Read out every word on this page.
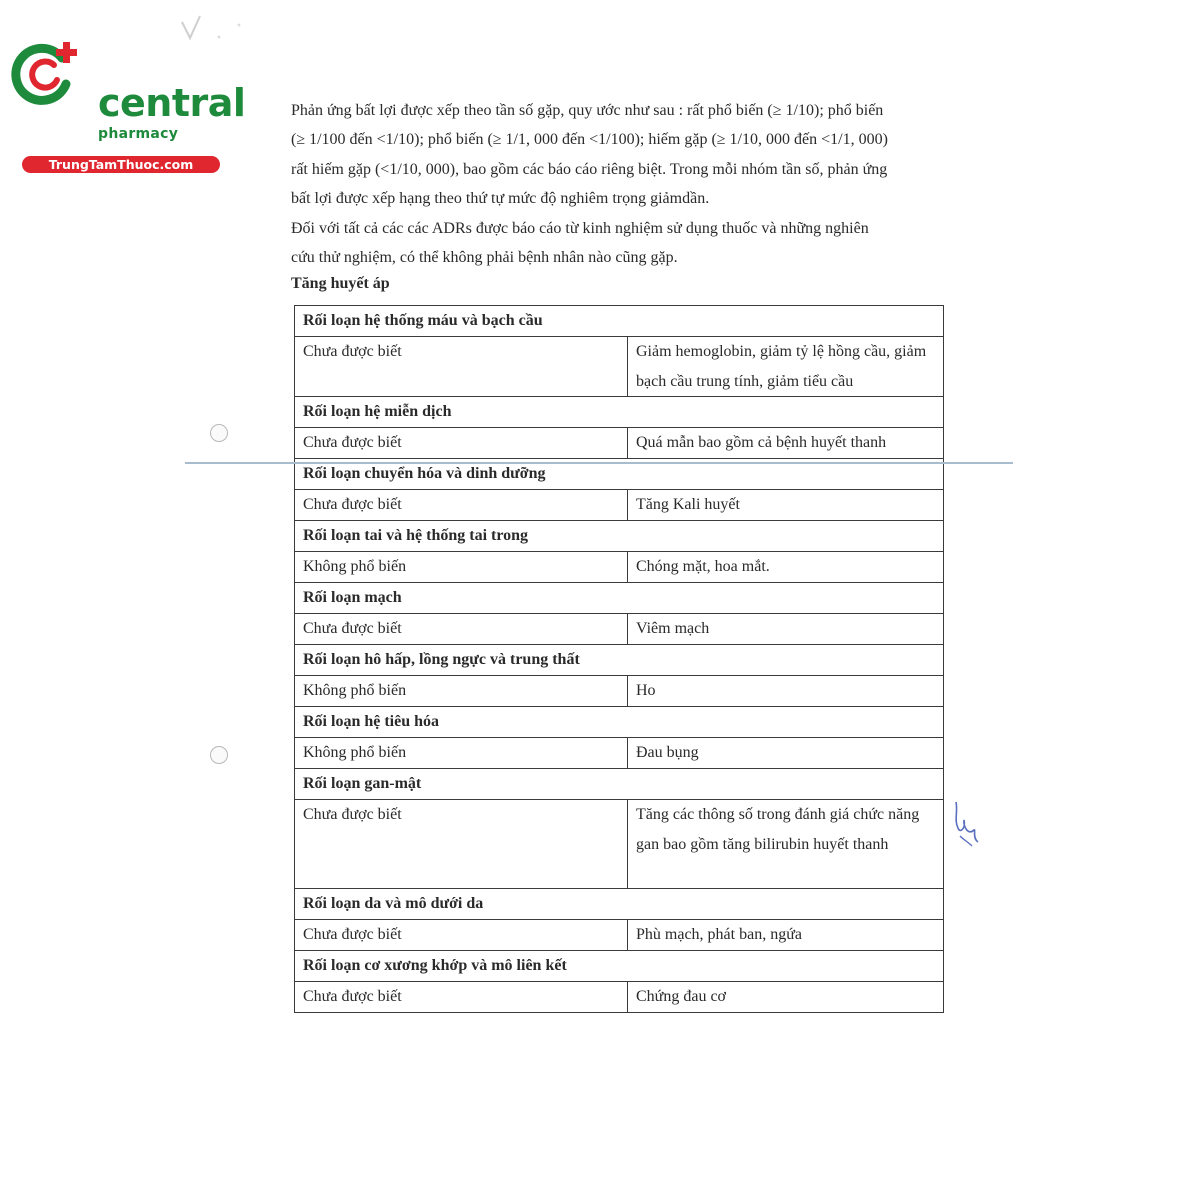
central
pharmacy
TrungTamThuoc.com

Phản ứng bất lợi được xếp theo tần số gặp, quy ước như sau : rất phổ biến (≥ 1/10); phổ biến

(≥ 1/100 đến <1/10); phổ biến (≥ 1/1, 000 đến <1/100); hiếm gặp (≥ 1/10, 000 đến <1/1, 000)

rất hiếm gặp (<1/10, 000), bao gồm các báo cáo riêng biệt. Trong mỗi nhóm tần số, phản ứng

bất lợi được xếp hạng theo thứ tự mức độ nghiêm trọng giảmdần.

Đối với tất cả các các ADRs được báo cáo từ kinh nghiệm sử dụng thuốc và những nghiên

cứu thử nghiệm, có thể không phải bệnh nhân nào cũng gặp.

Tăng huyết áp
Rối loạn hệ thống máu và bạch cầu	
Chưa được biết	Giảm hemoglobin, giảm tỷ lệ hồng cầu, giảm bạch cầu trung tính, giảm tiểu cầu
Rối loạn hệ miễn dịch	
Chưa được biết	Quá mẫn bao gồm cả bệnh huyết thanh
Rối loạn chuyển hóa và dinh dưỡng	
Chưa được biết	Tăng Kali huyết
Rối loạn tai và hệ thống tai trong	
Không phổ biến	Chóng mặt, hoa mắt.
Rối loạn mạch	
Chưa được biết	Viêm mạch
Rối loạn hô hấp, lồng ngực và trung thất	
Không phổ biến	Ho
Rối loạn hệ tiêu hóa	
Không phổ biến	Đau bụng
Rối loạn gan-mật	
Chưa được biết	Tăng các thông số trong đánh giá chức năng gan bao gồm tăng bilirubin huyết thanh
Rối loạn da và mô dưới da	
Chưa được biết	Phù mạch, phát ban, ngứa
Rối loạn cơ xương khớp và mô liên kết	
Chưa được biết	Chứng đau cơ
